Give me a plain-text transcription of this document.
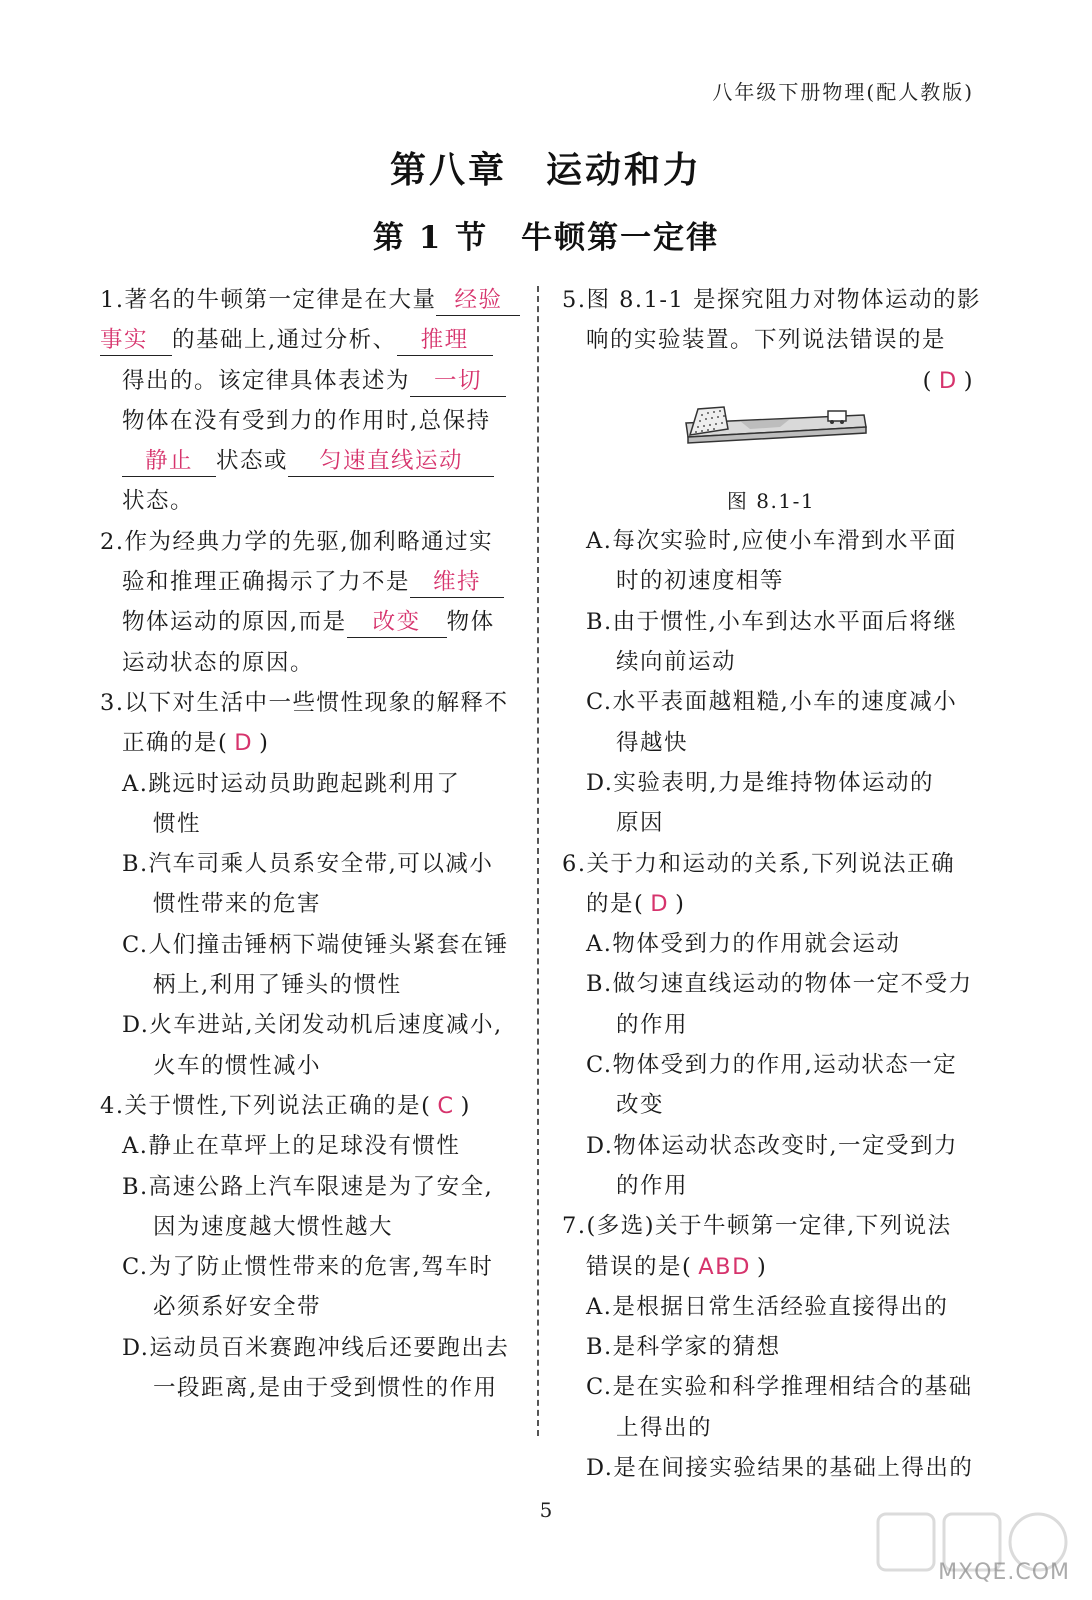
八年级下册物理(配人教版)
第八章　运动和力
第 1 节　牛顿第一定律
1.著名的牛顿第一定律是在大量 经验
事实 的基础上,通过分析、 推理
得出的。该定律具体表述为 一切
物体在没有受到力的作用时,总保持
静止 状态或 匀速直线运动
状态。
2.作为经典力学的先驱,伽利略通过实
验和推理正确揭示了力不是 维持
物体运动的原因,而是 改变 物体
运动状态的原因。
3.以下对生活中一些惯性现象的解释不
正确的是( D )
A.跳远时运动员助跑起跳利用了
惯性
B.汽车司乘人员系安全带,可以减小
惯性带来的危害
C.人们撞击锤柄下端使锤头紧套在锤
柄上,利用了锤头的惯性
D.火车进站,关闭发动机后速度减小,
火车的惯性减小
4.关于惯性,下列说法正确的是( C )
A.静止在草坪上的足球没有惯性
B.高速公路上汽车限速是为了安全,
因为速度越大惯性越大
C.为了防止惯性带来的危害,驾车时
必须系好安全带
D.运动员百米赛跑冲线后还要跑出去
一段距离,是由于受到惯性的作用
5.图 8.1-1 是探究阻力对物体运动的影
响的实验装置。下列说法错误的是
( D )
图 8.1-1
A.每次实验时,应使小车滑到水平面
时的初速度相等
B.由于惯性,小车到达水平面后将继
续向前运动
C.水平表面越粗糙,小车的速度减小
得越快
D.实验表明,力是维持物体运动的
原因
6.关于力和运动的关系,下列说法正确
的是( D )
A.物体受到力的作用就会运动
B.做匀速直线运动的物体一定不受力
的作用
C.物体受到力的作用,运动状态一定
改变
D.物体运动状态改变时,一定受到力
的作用
7.(多选)关于牛顿第一定律,下列说法
错误的是( ABD )
A.是根据日常生活经验直接得出的
B.是科学家的猜想
C.是在实验和科学推理相结合的基础
上得出的
D.是在间接实验结果的基础上得出的
5
MXQE.COM
